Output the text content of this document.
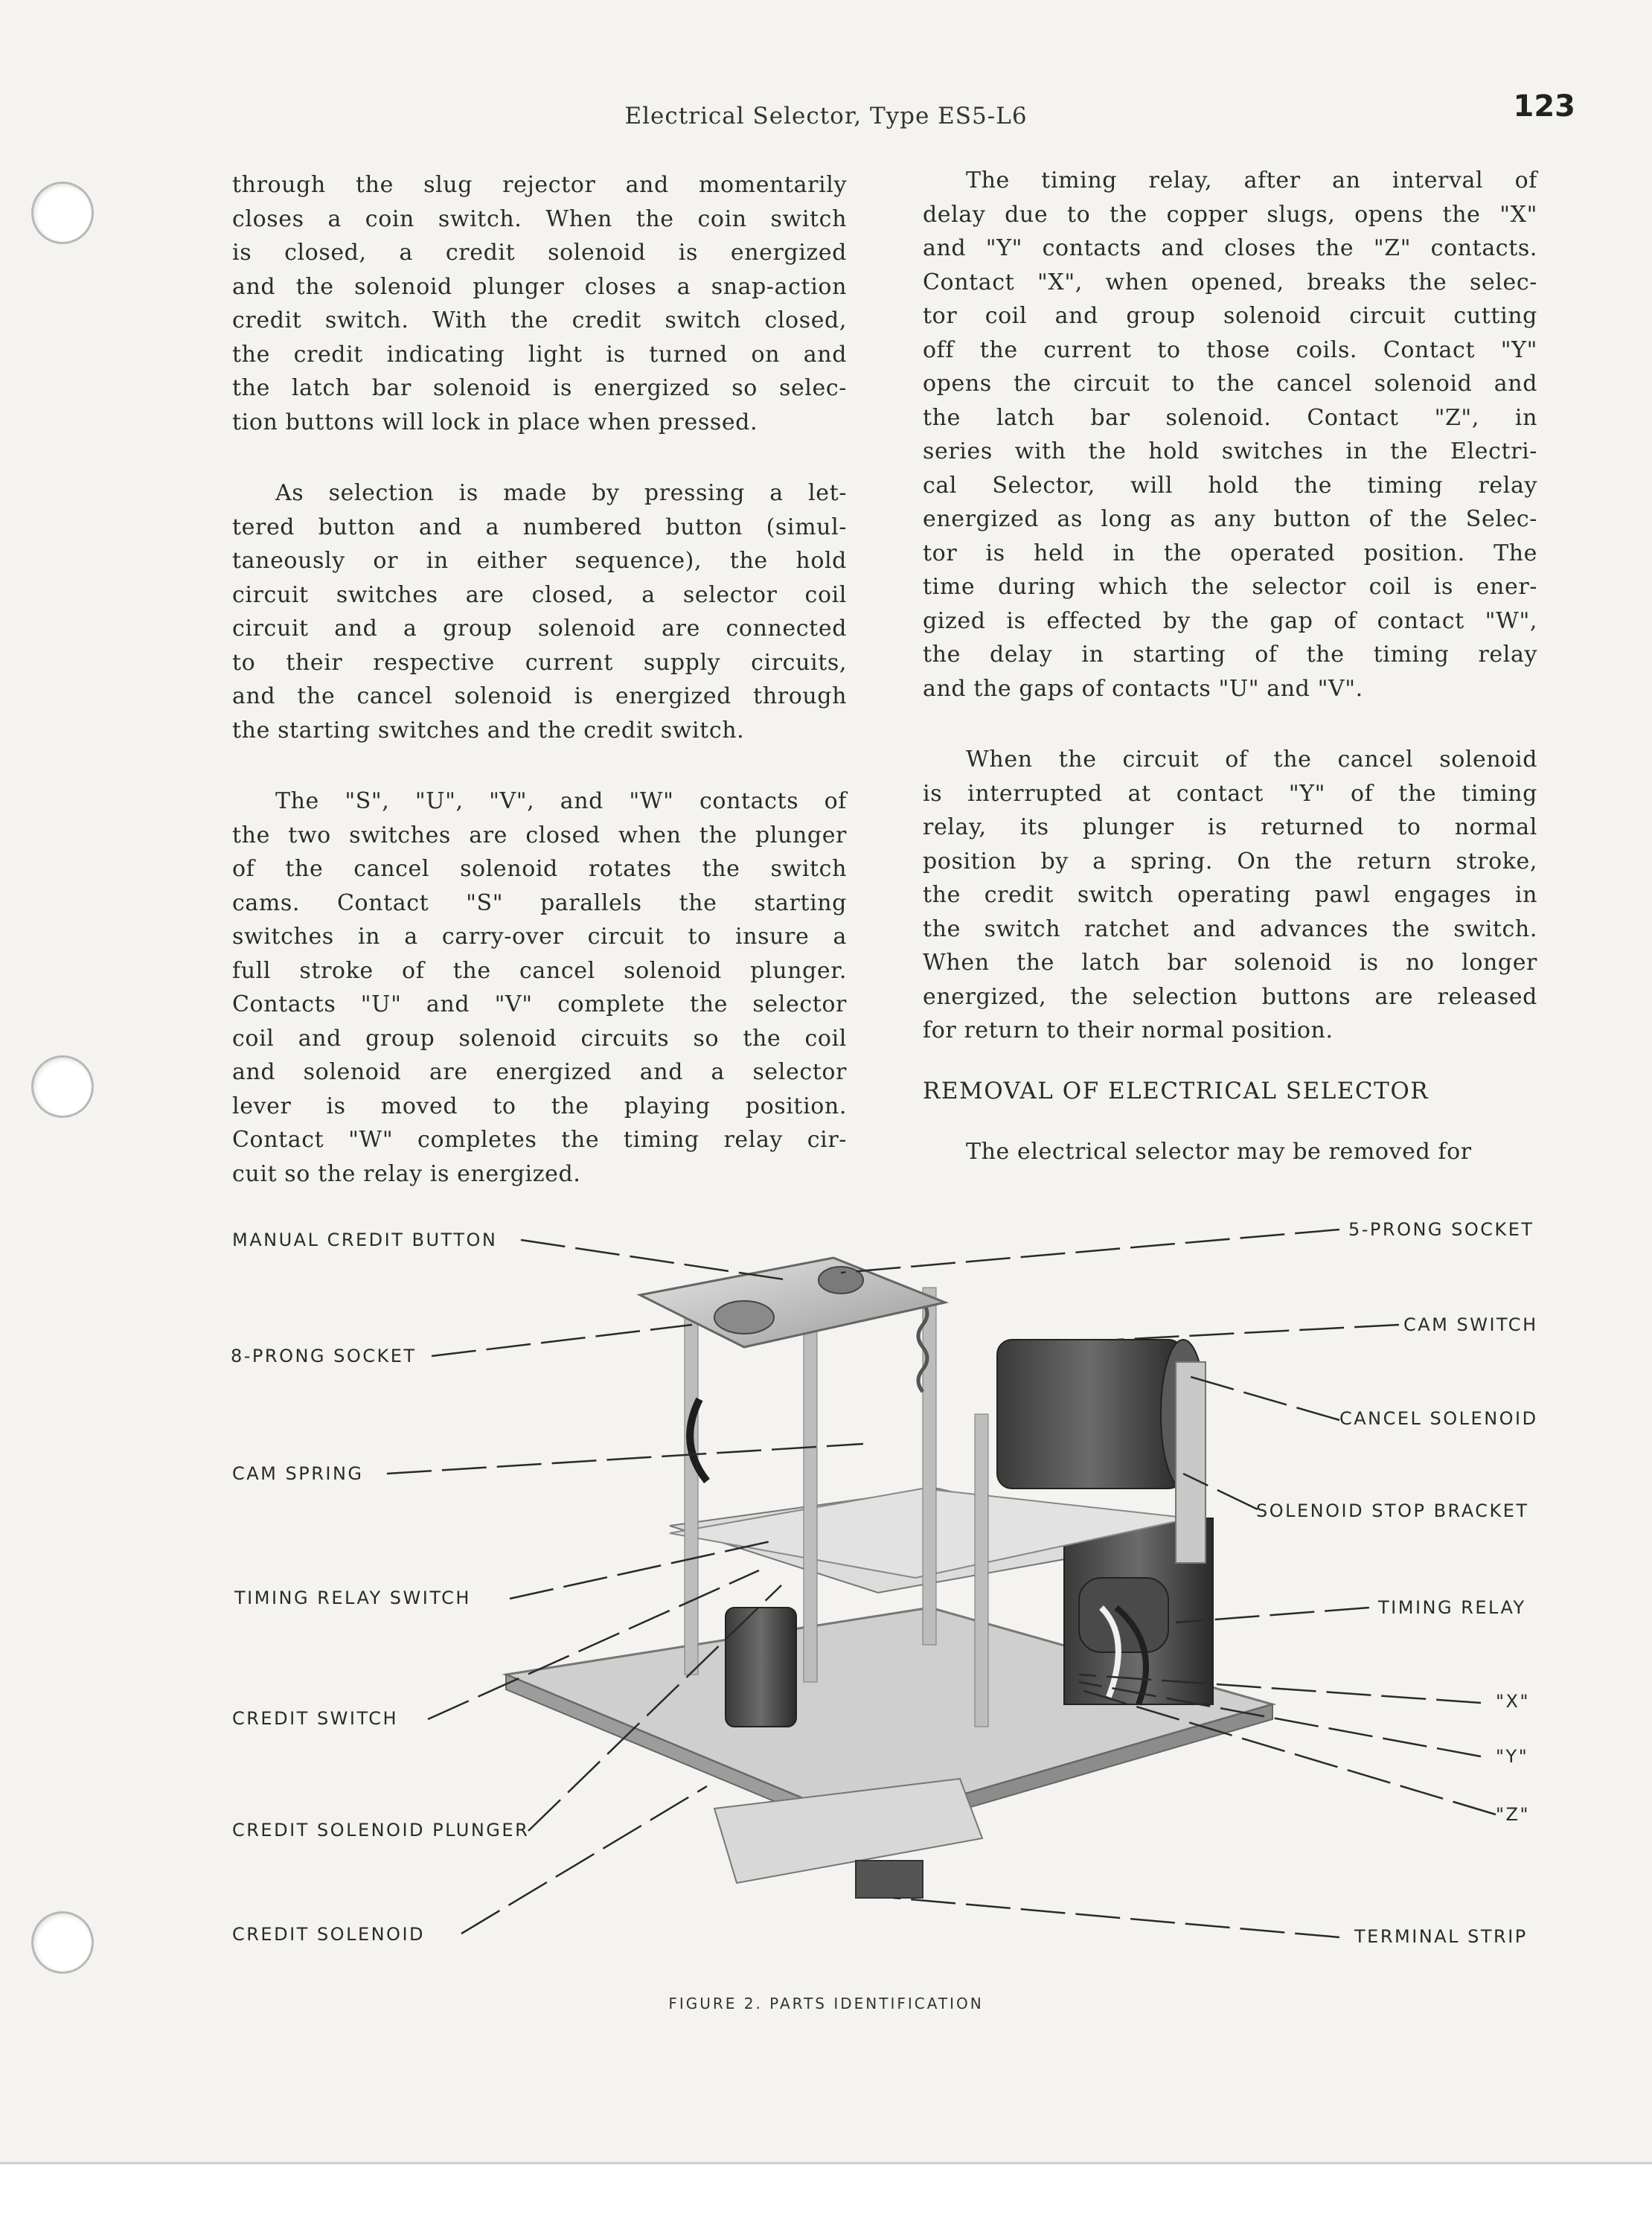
Electrical Selector, Type ES5-L6	123

through the slug rejector and momentarily

closes a coin switch. When the coin switch

is closed, a credit solenoid is energized

and the solenoid plunger closes a snap-action

credit switch. With the credit switch closed,

the credit indicating light is turned on and

the latch bar solenoid is energized so selec-

tion buttons will lock in place when pressed.

As selection is made by pressing a let-

tered button and a numbered button (simul-

taneously or in either sequence), the hold

circuit switches are closed, a selector coil

circuit and a group solenoid are connected

to their respective current supply circuits,

and the cancel solenoid is energized through

the starting switches and the credit switch.

The "S", "U", "V", and "W" contacts of

the two switches are closed when the plunger

of the cancel solenoid rotates the switch

cams. Contact "S" parallels the starting

switches in a carry-over circuit to insure a

full stroke of the cancel solenoid plunger.

Contacts "U" and "V" complete the selector

coil and group solenoid circuits so the coil

and solenoid are energized and a selector

lever is moved to the playing position.

Contact "W" completes the timing relay cir-

cuit so the relay is energized.

The timing relay, after an interval of

delay due to the copper slugs, opens the "X"

and "Y" contacts and closes the "Z" contacts.

Contact "X", when opened, breaks the selec-

tor coil and group solenoid circuit cutting

off the current to those coils. Contact "Y"

opens the circuit to the cancel solenoid and

the latch bar solenoid. Contact "Z", in

series with the hold switches in the Electri-

cal Selector, will hold the timing relay

energized as long as any button of the Selec-

tor is held in the operated position. The

time during which the selector coil is ener-

gized is effected by the gap of contact "W",

the delay in starting of the timing relay

and the gaps of contacts "U" and "V".

When the circuit of the cancel solenoid

is interrupted at contact "Y" of the timing

relay, its plunger is returned to normal

position by a spring. On the return stroke,

the credit switch operating pawl engages in

the switch ratchet and advances the switch.

When the latch bar solenoid is no longer

energized, the selection buttons are released

for return to their normal position.

REMOVAL OF ELECTRICAL SELECTOR

The electrical selector may be removed for

MANUAL CREDIT BUTTON
8-PRONG SOCKET
CAM SPRING
TIMING RELAY SWITCH
CREDIT SWITCH
CREDIT SOLENOID PLUNGER
CREDIT SOLENOID
5-PRONG SOCKET
CAM SWITCH
CANCEL SOLENOID
SOLENOID STOP BRACKET
TIMING RELAY
"X"
"Y"
"Z"
TERMINAL STRIP
FIGURE 2. PARTS IDENTIFICATION
